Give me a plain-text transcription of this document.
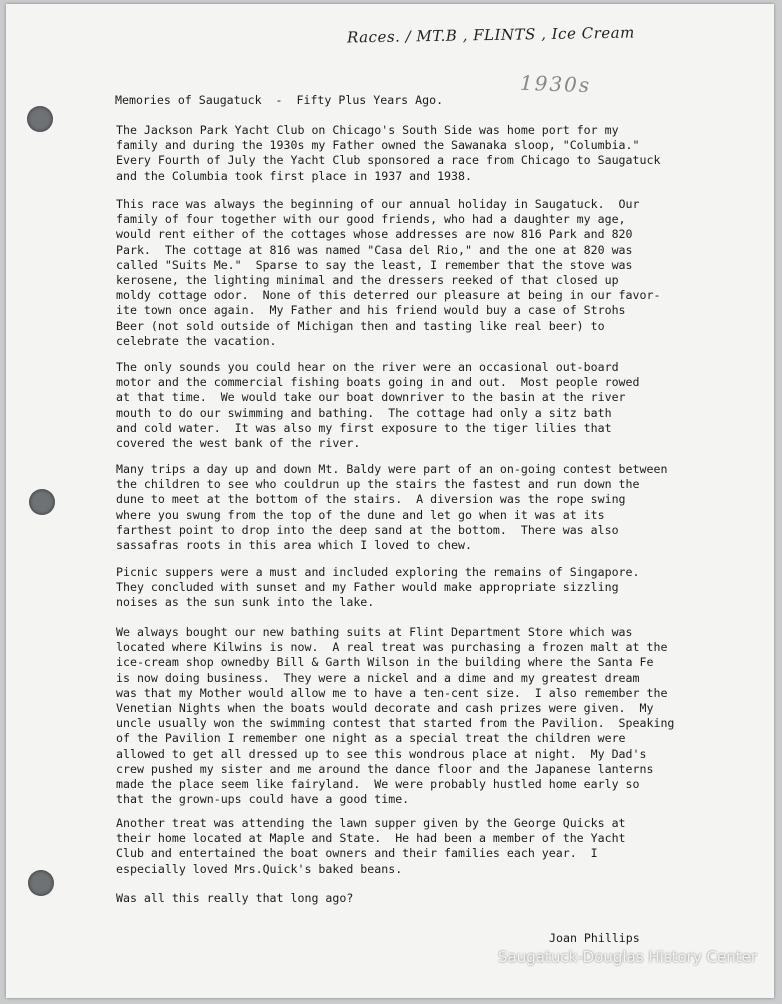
Races. / MT.B , FLINTS , Ice Cream
1930s
Memories of Saugatuck  -  Fifty Plus Years Ago.
The Jackson Park Yacht Club on Chicago's South Side was home port for my
family and during the 1930s my Father owned the Sawanaka sloop, "Columbia."
Every Fourth of July the Yacht Club sponsored a race from Chicago to Saugatuck
and the Columbia took first place in 1937 and 1938.
This race was always the beginning of our annual holiday in Saugatuck.  Our
family of four together with our good friends, who had a daughter my age,
would rent either of the cottages whose addresses are now 816 Park and 820
Park.  The cottage at 816 was named "Casa del Rio," and the one at 820 was
called "Suits Me."  Sparse to say the least, I remember that the stove was
kerosene, the lighting minimal and the dressers reeked of that closed up
moldy cottage odor.  None of this deterred our pleasure at being in our favor-
ite town once again.  My Father and his friend would buy a case of Strohs
Beer (not sold outside of Michigan then and tasting like real beer) to
celebrate the vacation.
The only sounds you could hear on the river were an occasional out-board
motor and the commercial fishing boats going in and out.  Most people rowed
at that time.  We would take our boat downriver to the basin at the river
mouth to do our swimming and bathing.  The cottage had only a sitz bath
and cold water.  It was also my first exposure to the tiger lilies that
covered the west bank of the river.
Many trips a day up and down Mt. Baldy were part of an on-going contest between
the children to see who couldrun up the stairs the fastest and run down the
dune to meet at the bottom of the stairs.  A diversion was the rope swing
where you swung from the top of the dune and let go when it was at its
farthest point to drop into the deep sand at the bottom.  There was also
sassafras roots in this area which I loved to chew.
Picnic suppers were a must and included exploring the remains of Singapore.
They concluded with sunset and my Father would make appropriate sizzling
noises as the sun sunk into the lake.
We always bought our new bathing suits at Flint Department Store which was
located where Kilwins is now.  A real treat was purchasing a frozen malt at the
ice-cream shop ownedby Bill & Garth Wilson in the building where the Santa Fe
is now doing business.  They were a nickel and a dime and my greatest dream
was that my Mother would allow me to have a ten-cent size.  I also remember the
Venetian Nights when the boats would decorate and cash prizes were given.  My
uncle usually won the swimming contest that started from the Pavilion.  Speaking
of the Pavilion I remember one night as a special treat the children were
allowed to get all dressed up to see this wondrous place at night.  My Dad's
crew pushed my sister and me around the dance floor and the Japanese lanterns
made the place seem like fairyland.  We were probably hustled home early so
that the grown-ups could have a good time.
Another treat was attending the lawn supper given by the George Quicks at
their home located at Maple and State.  He had been a member of the Yacht
Club and entertained the boat owners and their families each year.  I
especially loved Mrs.Quick's baked beans.
Was all this really that long ago?
Joan Phillips
Saugatuck-Douglas History Center
